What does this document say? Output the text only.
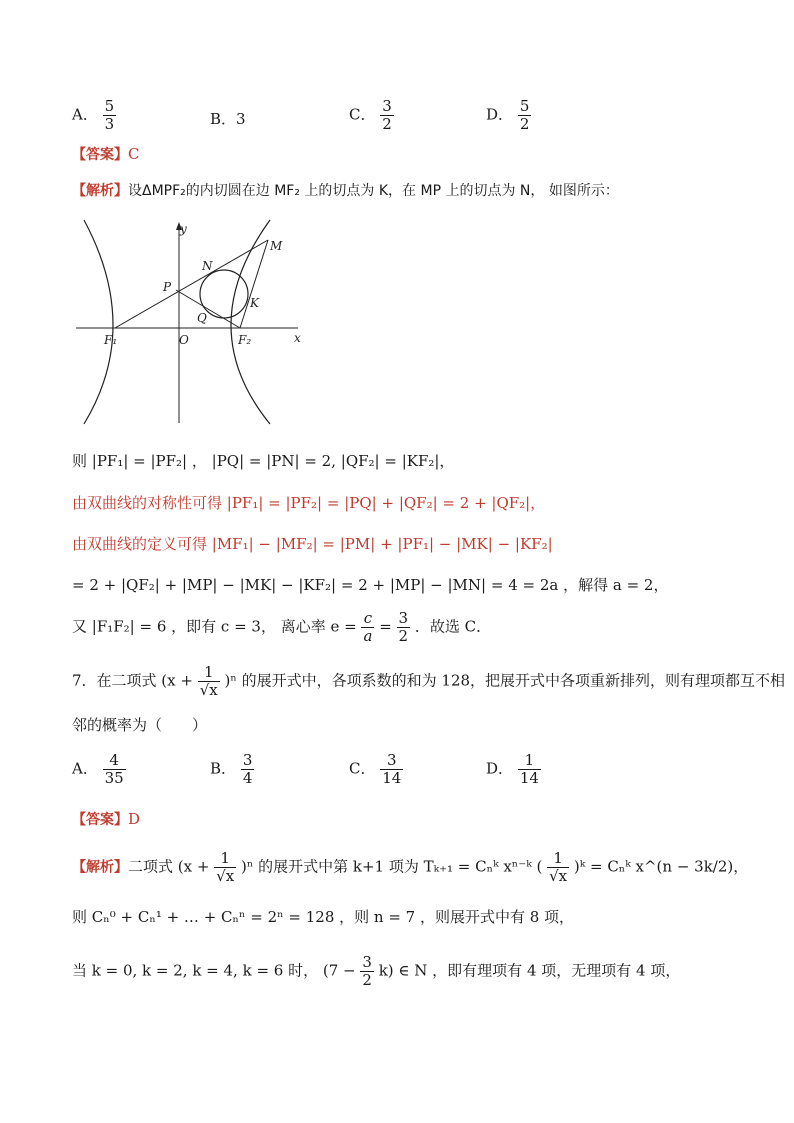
A． $\frac{5}{3}$	B．3	C． $\frac{3}{2}$	D． $\frac{5}{2}$
【答案】C
【解析】设ΔMPF₂的内切圆在边 MF₂ 上的切点为 K，在 MP 上的切点为 N， 如图所示：
y
x
M
N
P
K
Q
F₁	O	F₂
则 |PF₁| = |PF₂| ， |PQ| = |PN| = 2, |QF₂| = |KF₂|，
由双曲线的对称性可得 |PF₁| = |PF₂| = |PQ| + |QF₂| = 2 + |QF₂|，
由双曲线的定义可得 |MF₁| − |MF₂| = |PM| + |PF₁| − |MK| − |KF₂|
= 2 + |QF₂| + |MP| − |MK| − |KF₂| = 2 + |MP| − |MN| = 4 = 2a ，解得 a = 2，
又 |F₁F₂| = 6 ，即有 c = 3， 离心率 $e = \frac{c}{a} = \frac{3}{2}$ ．故选 C．
7．在二项式 $(x + \frac{1}{√x} )^n$ 的展开式中，各项系数的和为 128，把展开式中各项重新排列，则有理项都互不相
邻的概率为（　　）
A． $\frac{4}{35}$	B． $\frac{3}{4}$	C． $\frac{3}{14}$	D． $\frac{1}{14}$
【答案】D
【解析】二项式 $(x + \frac{1}{√x} )^n$ 的展开式中第 k+1 项为 Tₖ₊₁ = Cₙᵏ xⁿ⁻ᵏ ( $\frac{1}{√x}$ )ᵏ = Cₙᵏ x^(n − 3k/2)，
则 Cₙ⁰ + Cₙ¹ + … + Cₙⁿ = 2ⁿ = 128 ，则 n = 7 ，则展开式中有 8 项，
当 k = 0, k = 2, k = 4, k = 6 时， $(7 - \frac{3}{2} k)$ ∈ N ，即有理项有 4 项，无理项有 4 项，
